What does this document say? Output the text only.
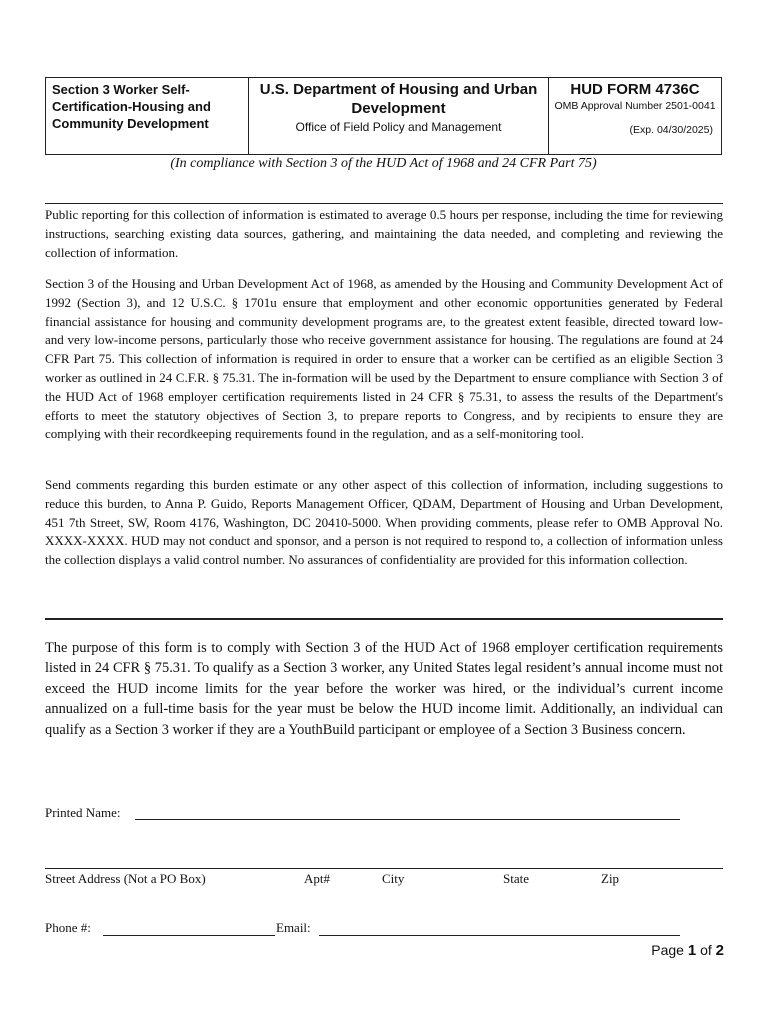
Section 3 Worker Self-Certification-Housing and Community Development
U.S. Department of Housing and Urban Development
Office of Field Policy and Management
HUD FORM 4736C
OMB Approval Number 2501-0041
(Exp. 04/30/2025)
(In compliance with Section 3 of the HUD Act of 1968 and 24 CFR Part 75)
Public reporting for this collection of information is estimated to average 0.5 hours per response, including the time for reviewing instructions, searching existing data sources, gathering, and maintaining the data needed, and completing and reviewing the collection of information.
Section 3 of the Housing and Urban Development Act of 1968, as amended by the Housing and Community Development Act of 1992 (Section 3), and 12 U.S.C. § 1701u ensure that employment and other economic opportunities generated by Federal financial assistance for housing and community development programs are, to the greatest extent feasible, directed toward low- and very low-income persons, particularly those who receive government assistance for housing. The regulations are found at 24 CFR Part 75. This collection of information is required in order to ensure that a worker can be certified as an eligible Section 3 worker as outlined in 24 C.F.R. § 75.31. The in-formation will be used by the Department to ensure compliance with Section 3 of the HUD Act of 1968 employer certification requirements listed in 24 CFR § 75.31, to assess the results of the Department's efforts to meet the statutory objectives of Section 3, to prepare reports to Congress, and by recipients to ensure they are complying with their recordkeeping requirements found in the regulation, and as a self-monitoring tool.
Send comments regarding this burden estimate or any other aspect of this collection of information, including suggestions to reduce this burden, to Anna P. Guido, Reports Management Officer, QDAM, Department of Housing and Urban Development, 451 7th Street, SW, Room 4176, Washington, DC 20410-5000. When providing comments, please refer to OMB Approval No. XXXX-XXXX. HUD may not conduct and sponsor, and a person is not required to respond to, a collection of information unless the collection displays a valid control number. No assurances of confidentiality are provided for this information collection.
The purpose of this form is to comply with Section 3 of the HUD Act of 1968 employer certification requirements listed in 24 CFR § 75.31. To qualify as a Section 3 worker, any United States legal resident’s annual income must not exceed the HUD income limits for the year before the worker was hired, or the individual’s current income annualized on a full-time basis for the year must be below the HUD income limit. Additionally, an individual can qualify as a Section 3 worker if they are a YouthBuild participant or employee of a Section 3 Business concern.
Printed Name:
Street Address (Not a PO Box)	Apt#	City	State	Zip
Phone #:	Email:
Page 1 of 2
